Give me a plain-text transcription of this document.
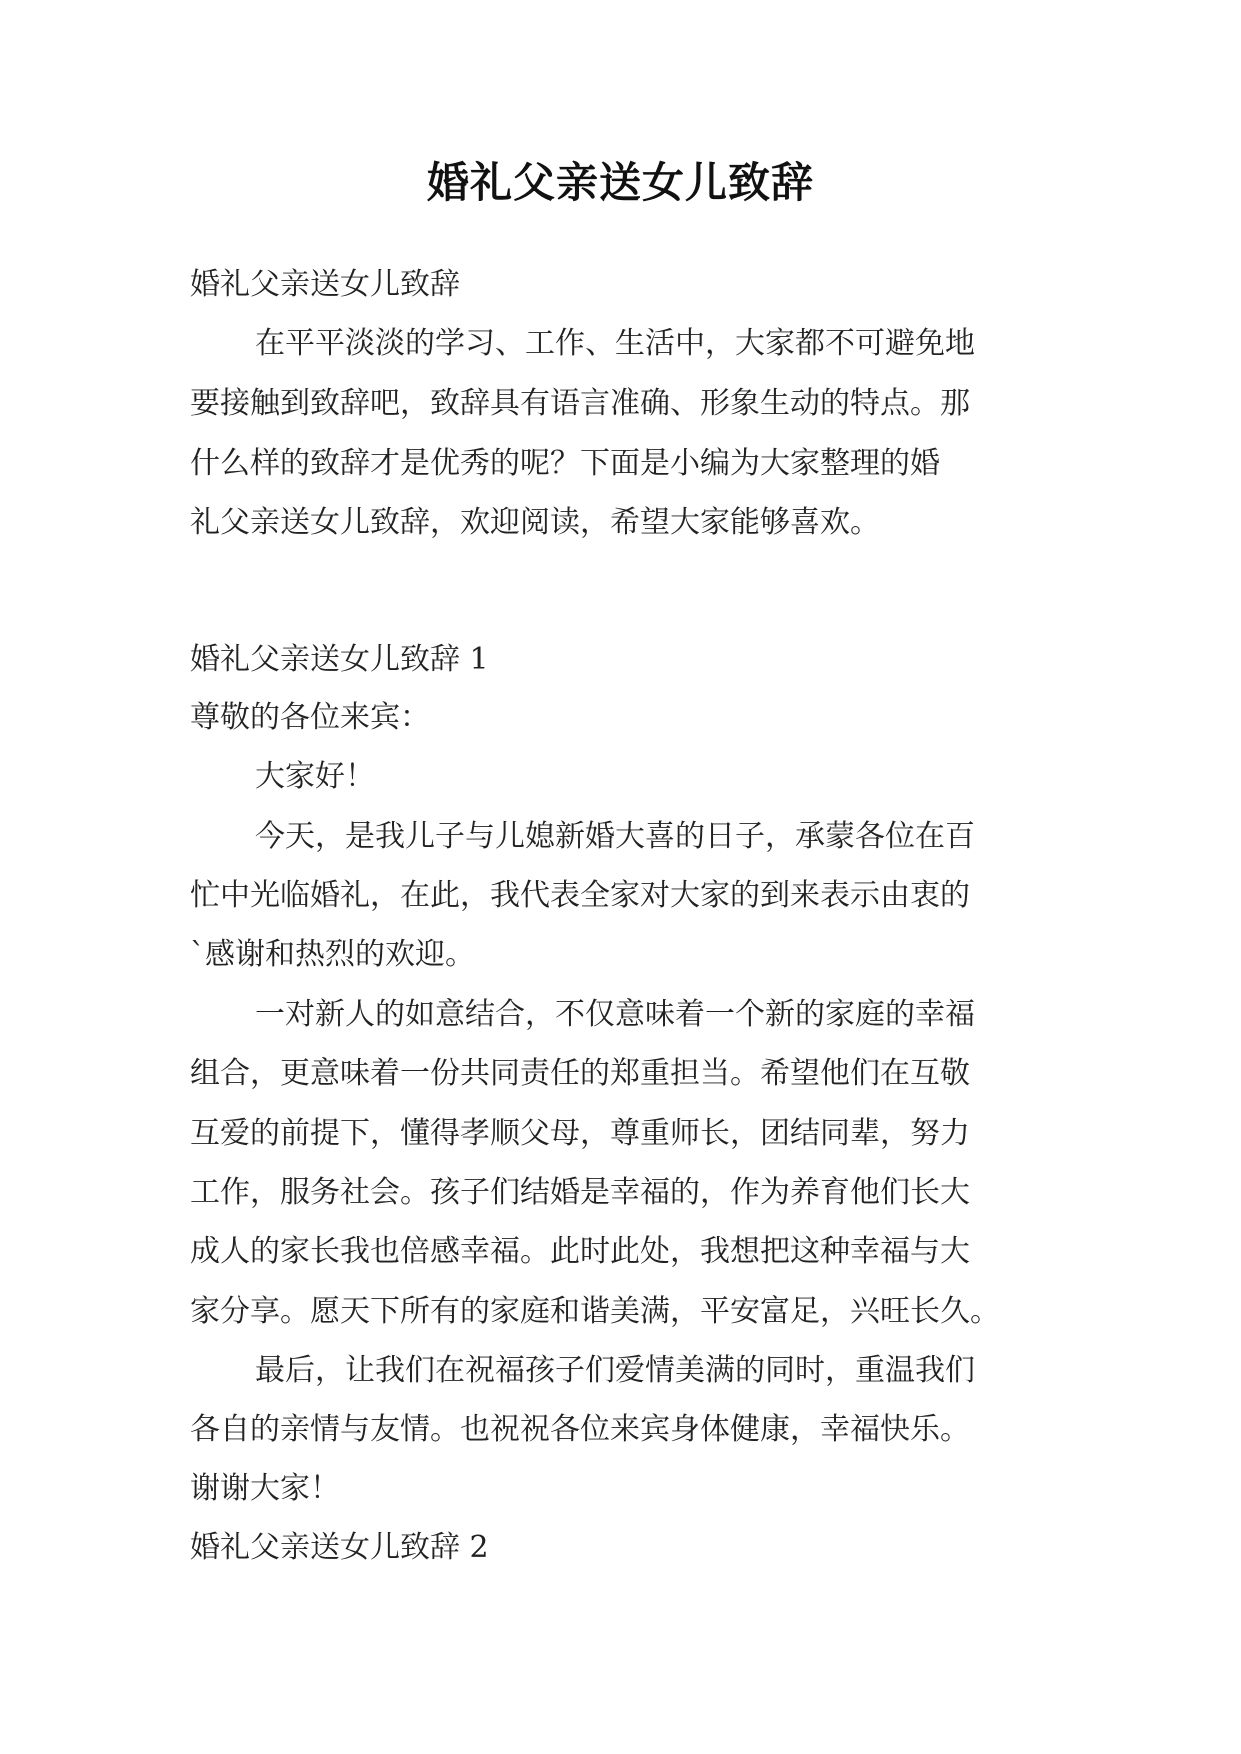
婚礼父亲送女儿致辞
婚礼父亲送女儿致辞
在平平淡淡的学习、工作、生活中，大家都不可避免地
要接触到致辞吧，致辞具有语言准确、形象生动的特点。那
什么样的致辞才是优秀的呢？下面是小编为大家整理的婚
礼父亲送女儿致辞，欢迎阅读，希望大家能够喜欢。
婚礼父亲送女儿致辞 1
尊敬的各位来宾：
大家好！
今天，是我儿子与儿媳新婚大喜的日子，承蒙各位在百
忙中光临婚礼，在此，我代表全家对大家的到来表示由衷的
`感谢和热烈的欢迎。
一对新人的如意结合，不仅意味着一个新的家庭的幸福
组合，更意味着一份共同责任的郑重担当。希望他们在互敬
互爱的前提下，懂得孝顺父母，尊重师长，团结同辈，努力
工作，服务社会。孩子们结婚是幸福的，作为养育他们长大
成人的家长我也倍感幸福。此时此处，我想把这种幸福与大
家分享。愿天下所有的家庭和谐美满，平安富足，兴旺长久。
最后，让我们在祝福孩子们爱情美满的同时，重温我们
各自的亲情与友情。也祝祝各位来宾身体健康，幸福快乐。
谢谢大家！
婚礼父亲送女儿致辞 2
